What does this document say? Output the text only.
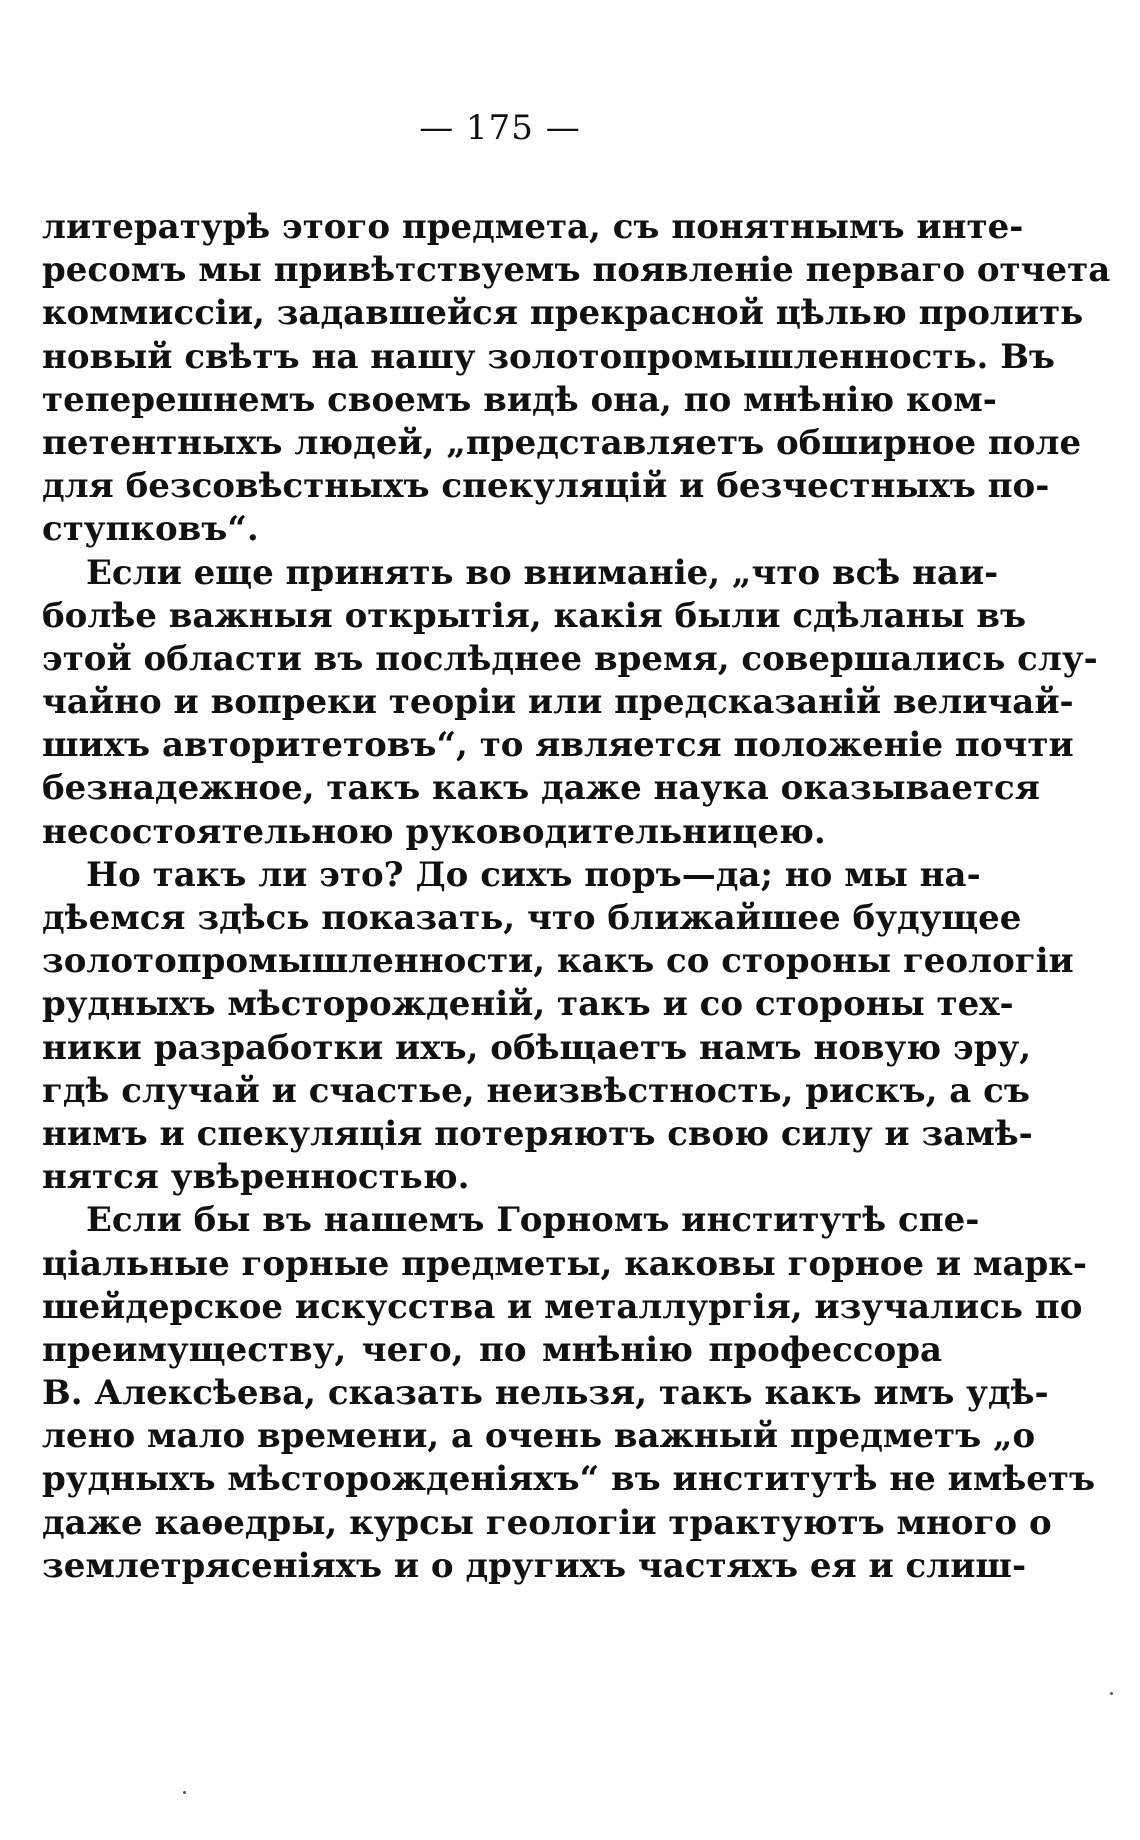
— 175 —
литературѣ этого предмета, съ понятнымъ инте-
ресомъ мы привѣтствуемъ появленіе перваго отчета
коммиссіи, задавшейся прекрасной цѣлью пролить
новый свѣтъ на нашу золотопромышленность. Въ
теперешнемъ своемъ видѣ она, по мнѣнію ком-
петентныхъ людей, „представляетъ обширное поле
для безсовѣстныхъ спекуляцій и безчестныхъ по-
ступковъ“.
Если еще принять во вниманіе, „что всѣ наи-
болѣе важныя открытія, какія были сдѣланы въ
этой области въ послѣднее время, совершались слу-
чайно и вопреки теоріи или предсказаній величай-
шихъ авторитетовъ“, то является положеніе почти
безнадежное, такъ какъ даже наука оказывается
несостоятельною руководительницею.
Но такъ ли это? До сихъ поръ—да; но мы на-
дѣемся здѣсь показать, что ближайшее будущее
золотопромышленности, какъ со стороны геологіи
рудныхъ мѣсторожденій, такъ и со стороны тех-
ники разработки ихъ, обѣщаетъ намъ новую эру,
гдѣ случай и счастье, неизвѣстность, рискъ, а съ
нимъ и спекуляція потеряютъ свою силу и замѣ-
нятся увѣренностью.
Если бы въ нашемъ Горномъ институтѣ спе-
ціальные горные предметы, каковы горное и марк-
шейдерское искусства и металлургія, изучались по
преимуществу, чего, по мнѣнію профессора
В. Алексѣева, сказать нельзя, такъ какъ имъ удѣ-
лено мало времени, а очень важный предметъ „о
рудныхъ мѣсторожденіяхъ“ въ институтѣ не имѣетъ
даже каѳедры, курсы геологіи трактуютъ много о
землетрясеніяхъ и о другихъ частяхъ ея и слиш-
